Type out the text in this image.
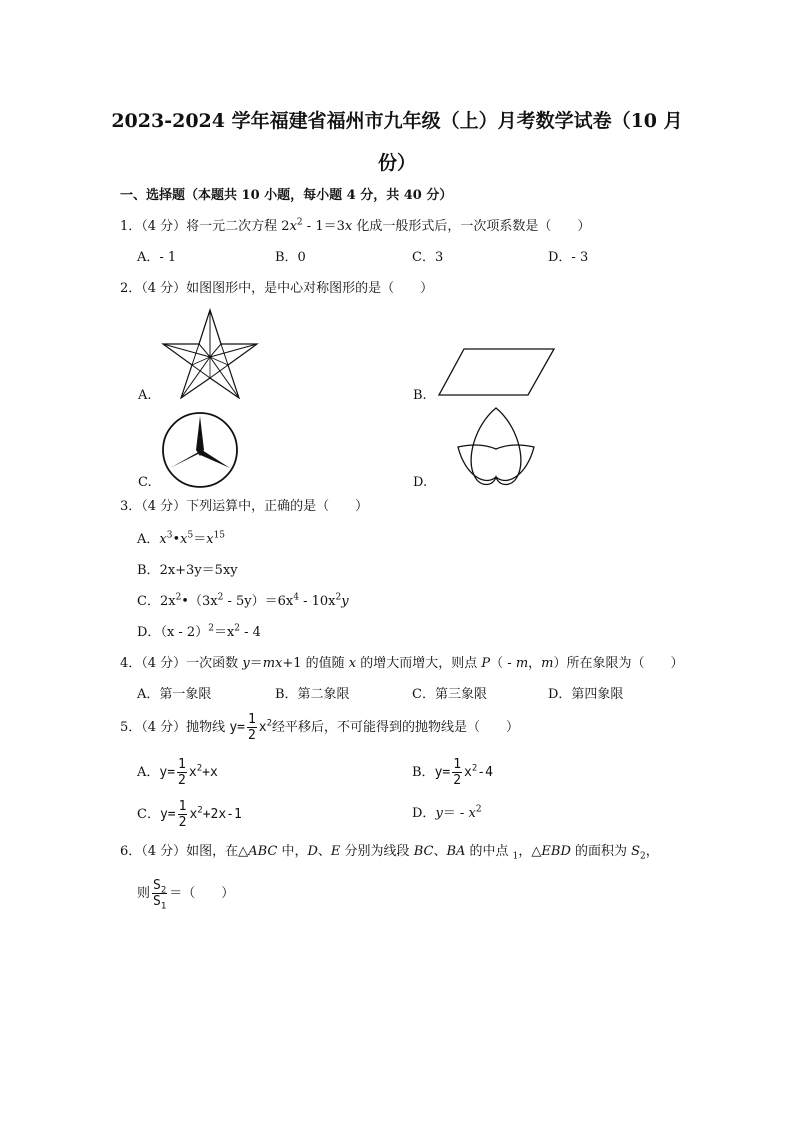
2023-2024 学年福建省福州市九年级（上）月考数学试卷（10 月
份）
一、选择题（本题共 10 小题，每小题 4 分，共 40 分）
1．（4 分）将一元二次方程 $2x^2 - 1=3x$ 化成一般形式后，一次项系数是（　　）
A．- 1	B．0	C．3	D．- 3
2．（4 分）如图图形中，是中心对称图形的是（　　）
A.	B.
C.	D.
3．（4 分）下列运算中，正确的是（　　）
A．$x^3•x^5=x^{15}$
B．2x+3y＝5xy
C．$2x^2•(3x^2 - 5y)=6x^4 - 10x^2y$
D．$(x - 2)^2=x^2 - 4$
4．（4 分）一次函数 y＝mx+1 的值随 x 的增大而增大，则点 P（ - m，m）所在象限为（　　）
A．第一象限	B．第二象限	C．第三象限	D．第四象限
5．（4 分）抛物线 $y= \frac{1}{2} x^2$经平移后，不可能得到的抛物线是（　　）
A．$y= \frac{1}{2} x^2+x$	B．$y= \frac{1}{2} x^2-4$
C．$y= \frac{1}{2} x^2+2x-1$	D．$y= - x^2$
6．（4 分）如图，在△ABC 中，D、E 分别为线段 BC、BA 的中点 $_1$，△EBD 的面积为 $S_2$，
则 $\frac{S_2}{S_1}$ ＝（　　）
